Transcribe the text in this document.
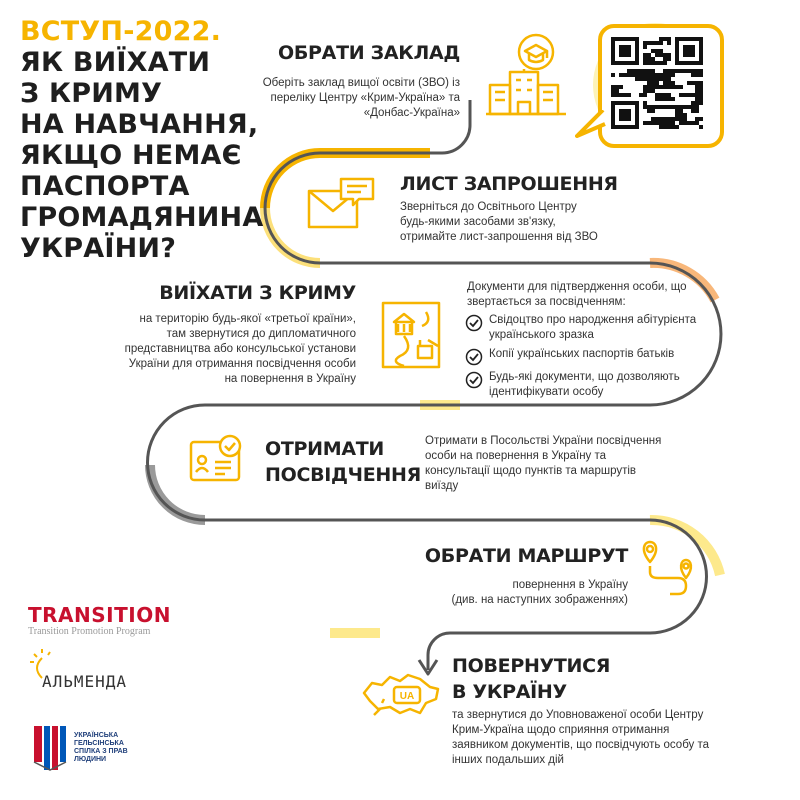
ВСТУП-2022.
ЯК ВИЇХАТИ
З КРИМУ
НА НАВЧАННЯ,
ЯКЩО НЕМАЄ
ПАСПОРТА
ГРОМАДЯНИНА
УКРАЇНИ?
ОБРАТИ ЗАКЛАД
Оберіть заклад вищої освіти (ЗВО) із
переліку Центру «Крим-Україна» та
«Донбас-Україна»
ЛИСТ ЗАПРОШЕННЯ
Зверніться до Освітнього Центру
будь-якими засобами зв'язку,
отримайте лист-запрошення від ЗВО
ВИЇХАТИ З КРИМУ
на територію будь-якої «третьої країни»,
там звернутися до дипломатичного
представництва або консульської установи
України для отримання посвідчення особи
на повернення в Україну
Документи для підтвердження особи, що
звертається за посвідченням:
Свідоцтво про народження абітурієнта
українського зразка
Копії українських паспортів батьків
Будь-які документи, що дозволяють
ідентифікувати особу
ОТРИМАТИ
ПОСВІДЧЕННЯ
Отримати в Посольстві України посвідчення
особи на повернення в Україну та
консультації щодо пунктів та маршрутів
виїзду
ОБРАТИ МАРШРУТ
повернення в Україну
(див. на наступних зображеннях)
UA
ПОВЕРНУТИСЯ
В УКРАЇНУ
та звернутися до Уповноваженої особи Центру
Крим-Україна щодо сприяння отримання
заявником документів, що посвідчують особу та
інших подальших дій
TRANSITION
Transition Promotion Program
АЛЬМЕНДА
УКРАЇНСЬКА
ГЕЛЬСІНСЬКА
СПІЛКА З ПРАВ
ЛЮДИНИ
